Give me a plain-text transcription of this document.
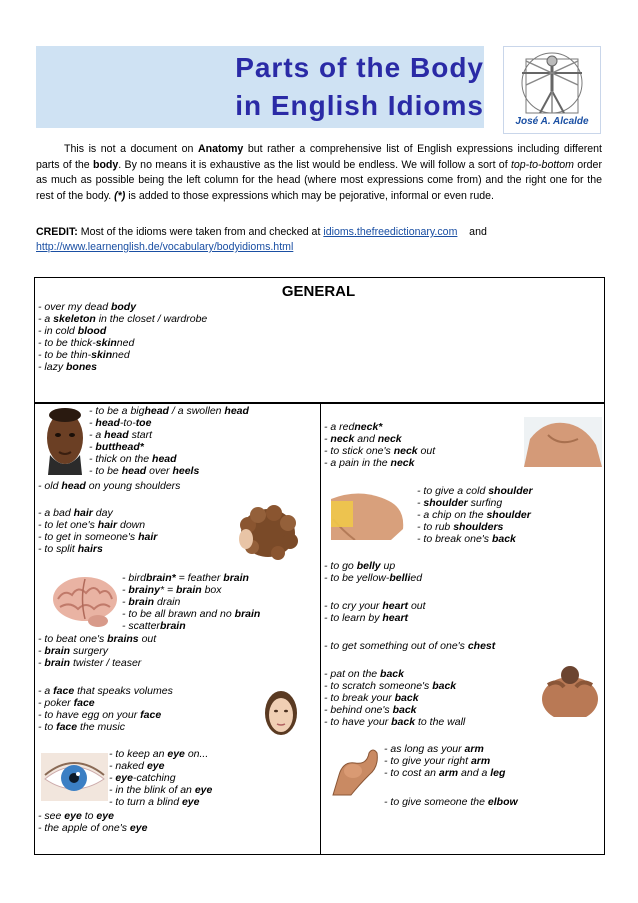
Parts of the Body
in English Idioms
José A. Alcalde
This is not a document on Anatomy but rather a comprehensive list of English expressions including different parts of the body. By no means it is exhaustive as the list would be endless. We will follow a sort of top-to-bottom order as much as possible being the left column for the head (where most expressions come from) and the right one for the rest of the body. (*) is added to those expressions which may be pejorative, informal or even rude.
CREDIT: Most of the idioms were taken from and checked at idioms.thefreedictionary.com    and
http://www.learnenglish.de/vocabulary/bodyidioms.html
GENERAL
- over my dead body
- a skeleton in the closet / wardrobe
- in cold blood
- to be thick-skinned
- to be thin-skinned
- lazy bones
- to be a bighead / a swollen head
- head-to-toe
- a head start
- butthead*
- thick on the head
- to be head over heels
- old head on young shoulders
- a bad hair day
- to let one's hair down
- to get in someone's hair
- to split hairs
- birdbrain* = feather brain
- brainy* = brain box
- brain drain
- to be all brawn and no brain
- scatterbrain
- to beat one's brains out
- brain surgery
- brain twister / teaser
- a face that speaks volumes
- poker face
- to have egg on your face
- to face the music
- to keep an eye on...
- naked eye
- eye-catching
- in the blink of an eye
- to turn a blind eye
- see eye to eye
- the apple of one's eye
- a redneck*
- neck and neck
- to stick one's neck out
- a pain in the neck
- to give a cold shoulder
- shoulder surfing
- a chip on the shoulder
- to rub shoulders
- to break one's back
- to go belly up
- to be yellow-bellied
- to cry your heart out
- to learn by heart
- to get something out of one's chest
- pat on the back
- to scratch someone's back
- to break your back
- behind one's back
- to have your back to the wall
- as long as your arm
- to give your right arm
- to cost an arm and a leg
- to give someone the elbow
